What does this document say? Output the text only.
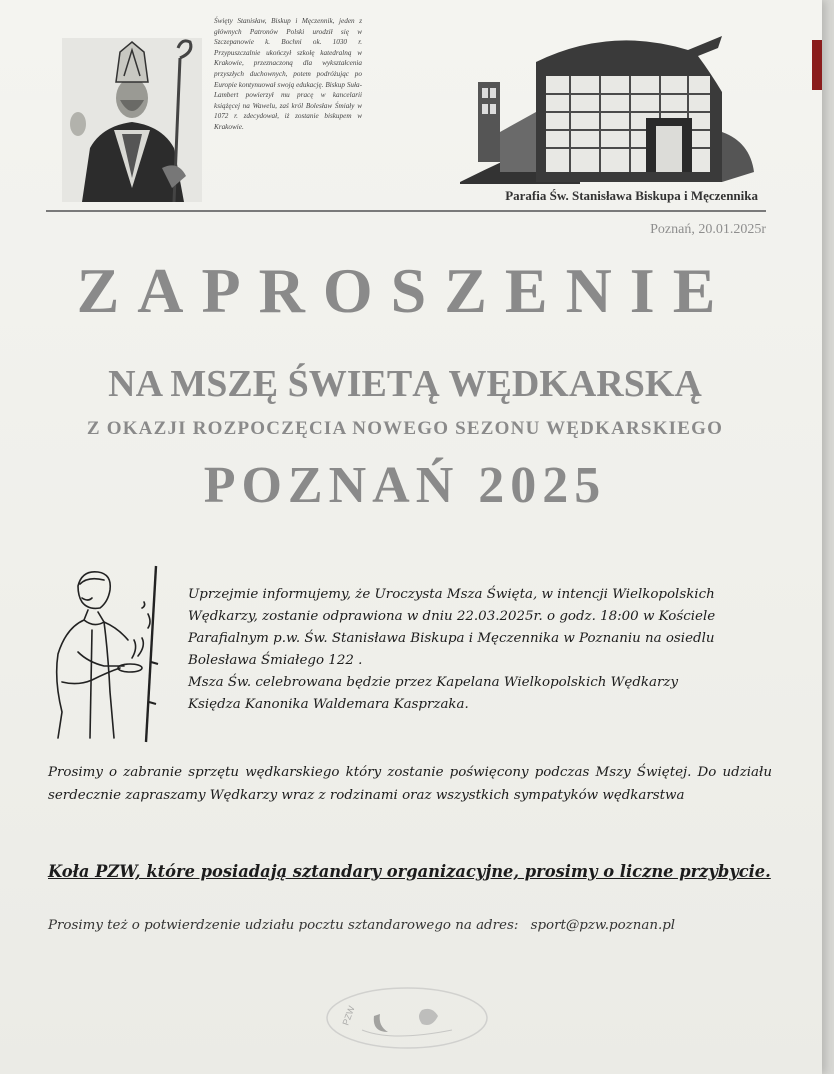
Święty Stanisław, Biskup i Męczennik, jeden z głównych Patronów Polski urodził się w Szczepanowie k. Bochni ok. 1030 r. Przypuszczalnie ukończył szkołę katedralną w Krakowie, przeznaczoną dla wykształcenia przyszłych duchownych, potem podróżując po Europie kontynuował swoją edukację. Biskup Suła-Lambert powierzył mu pracę w kancelarii książęcej na Wawelu, zaś król Bolesław Śmiały w 1072 r. zdecydował, iż zostanie biskupem w Krakowie.
Parafia Św. Stanisława Biskupa i Męczennika
Poznań, 20.01.2025r
ZAPROSZENIE
NA MSZĘ ŚWIETĄ WĘDKARSKĄ
Z OKAZJI ROZPOCZĘCIA NOWEGO SEZONU WĘDKARSKIEGO
POZNAŃ 2025
Uprzejmie informujemy, że Uroczysta Msza Święta, w intencji Wielkopolskich
Wędkarzy, zostanie odprawiona w dniu 22.03.2025r. o godz. 18:00 w Kościele
Parafialnym p.w. Św. Stanisława Biskupa i Męczennika w Poznaniu na osiedlu
Bolesława Śmiałego 122 .
Msza Św. celebrowana będzie przez Kapelana Wielkopolskich Wędkarzy
Księdza Kanonika Waldemara Kasprzaka.
Prosimy o zabranie sprzętu wędkarskiego który zostanie poświęcony podczas Mszy Świętej. Do udziału serdecznie zapraszamy Wędkarzy wraz z rodzinami oraz wszystkich sympatyków wędkarstwa
Koła PZW, które posiadają sztandary organizacyjne, prosimy o liczne przybycie.
Prosimy też o potwierdzenie udziału pocztu sztandarowego na adres: sport@pzw.poznan.pl
PZW
